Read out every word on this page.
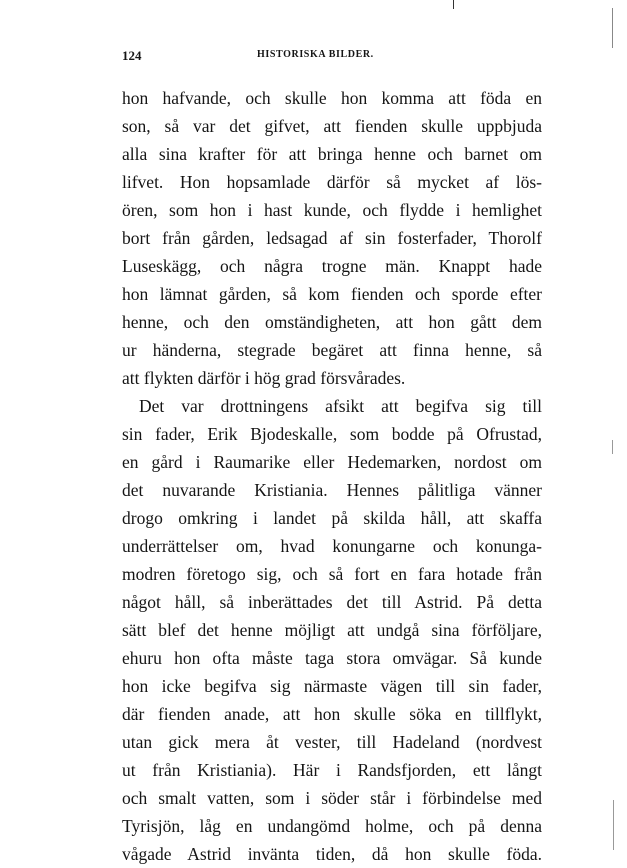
124	HISTORISKA BILDER.
hon hafvande, och skulle hon komma att föda en
son, så var det gifvet, att fienden skulle uppbjuda
alla sina krafter för att bringa henne och barnet om
lifvet. Hon hopsamlade därför så mycket af lös-
ören, som hon i hast kunde, och flydde i hemlighet
bort från gården, ledsagad af sin fosterfader, Thorolf
Luseskägg, och några trogne män. Knappt hade
hon lämnat gården, så kom fienden och sporde efter
henne, och den omständigheten, att hon gått dem
ur händerna, stegrade begäret att finna henne, så
att flykten därför i hög grad försvårades.
Det var drottningens afsikt att begifva sig till
sin fader, Erik Bjodeskalle, som bodde på Ofrustad,
en gård i Raumarike eller Hedemarken, nordost om
det nuvarande Kristiania. Hennes pålitliga vänner
drogo omkring i landet på skilda håll, att skaffa
underrättelser om, hvad konungarne och konunga-
modren företogo sig, och så fort en fara hotade från
något håll, så inberättades det till Astrid. På detta
sätt blef det henne möjligt att undgå sina förföljare,
ehuru hon ofta måste taga stora omvägar. Så kunde
hon icke begifva sig närmaste vägen till sin fader,
där fienden anade, att hon skulle söka en tillflykt,
utan gick mera åt vester, till Hadeland (nordvest
ut från Kristiania). Här i Randsfjorden, ett långt
och smalt vatten, som i söder står i förbindelse med
Tyrisjön, låg en undangömd holme, och på denna
vågade Astrid invänta tiden, då hon skulle föda.
